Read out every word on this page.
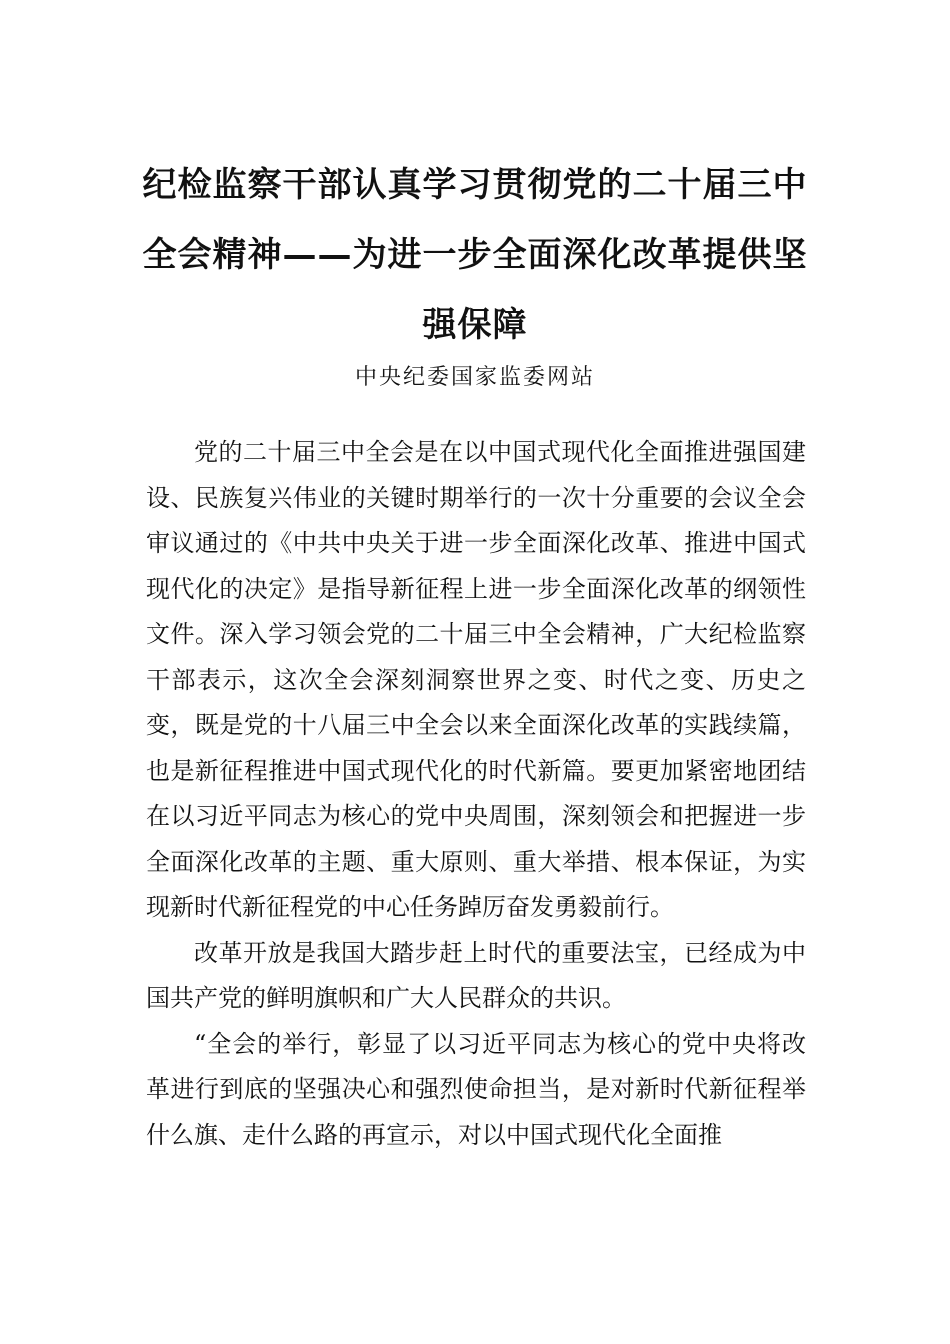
纪检监察干部认真学习贯彻党的二十届三中全会精神——为进一步全面深化改革提供坚强保障
中央纪委国家监委网站

党的二十届三中全会是在以中国式现代化全面推进强国建设、民族复兴伟业的关键时期举行的一次十分重要的会议全会审议通过的《中共中央关于进一步全面深化改革、推进中国式现代化的决定》是指导新征程上进一步全面深化改革的纲领性文件。深入学习领会党的二十届三中全会精神，广大纪检监察干部表示，这次全会深刻洞察世界之变、时代之变、历史之变，既是党的十八届三中全会以来全面深化改革的实践续篇，也是新征程推进中国式现代化的时代新篇。要更加紧密地团结在以习近平同志为核心的党中央周围，深刻领会和把握进一步全面深化改革的主题、重大原则、重大举措、根本保证，为实现新时代新征程党的中心任务踔厉奋发勇毅前行。

改革开放是我国大踏步赶上时代的重要法宝，已经成为中国共产党的鲜明旗帜和广大人民群众的共识。

“全会的举行，彰显了以习近平同志为核心的党中央将改革进行到底的坚强决心和强烈使命担当，是对新时代新征程举什么旗、走什么路的再宣示，对以中国式现代化全面推
